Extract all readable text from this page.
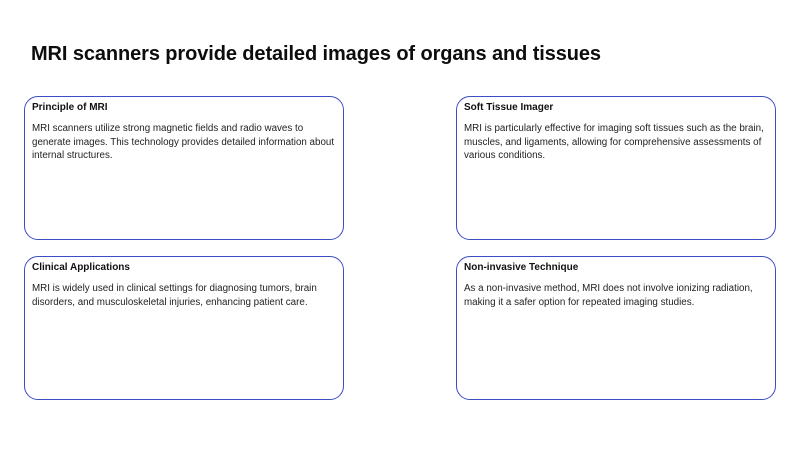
MRI scanners provide detailed images of organs and tissues

Principle of MRI

MRI scanners utilize strong magnetic fields and radio waves to generate images. This technology provides detailed information about internal structures.

Soft Tissue Imager

MRI is particularly effective for imaging soft tissues such as the brain, muscles, and ligaments, allowing for comprehensive assessments of various conditions.

Clinical Applications

MRI is widely used in clinical settings for diagnosing tumors, brain disorders, and musculoskeletal injuries, enhancing patient care.

Non-invasive Technique

As a non-invasive method, MRI does not involve ionizing radiation, making it a safer option for repeated imaging studies.
